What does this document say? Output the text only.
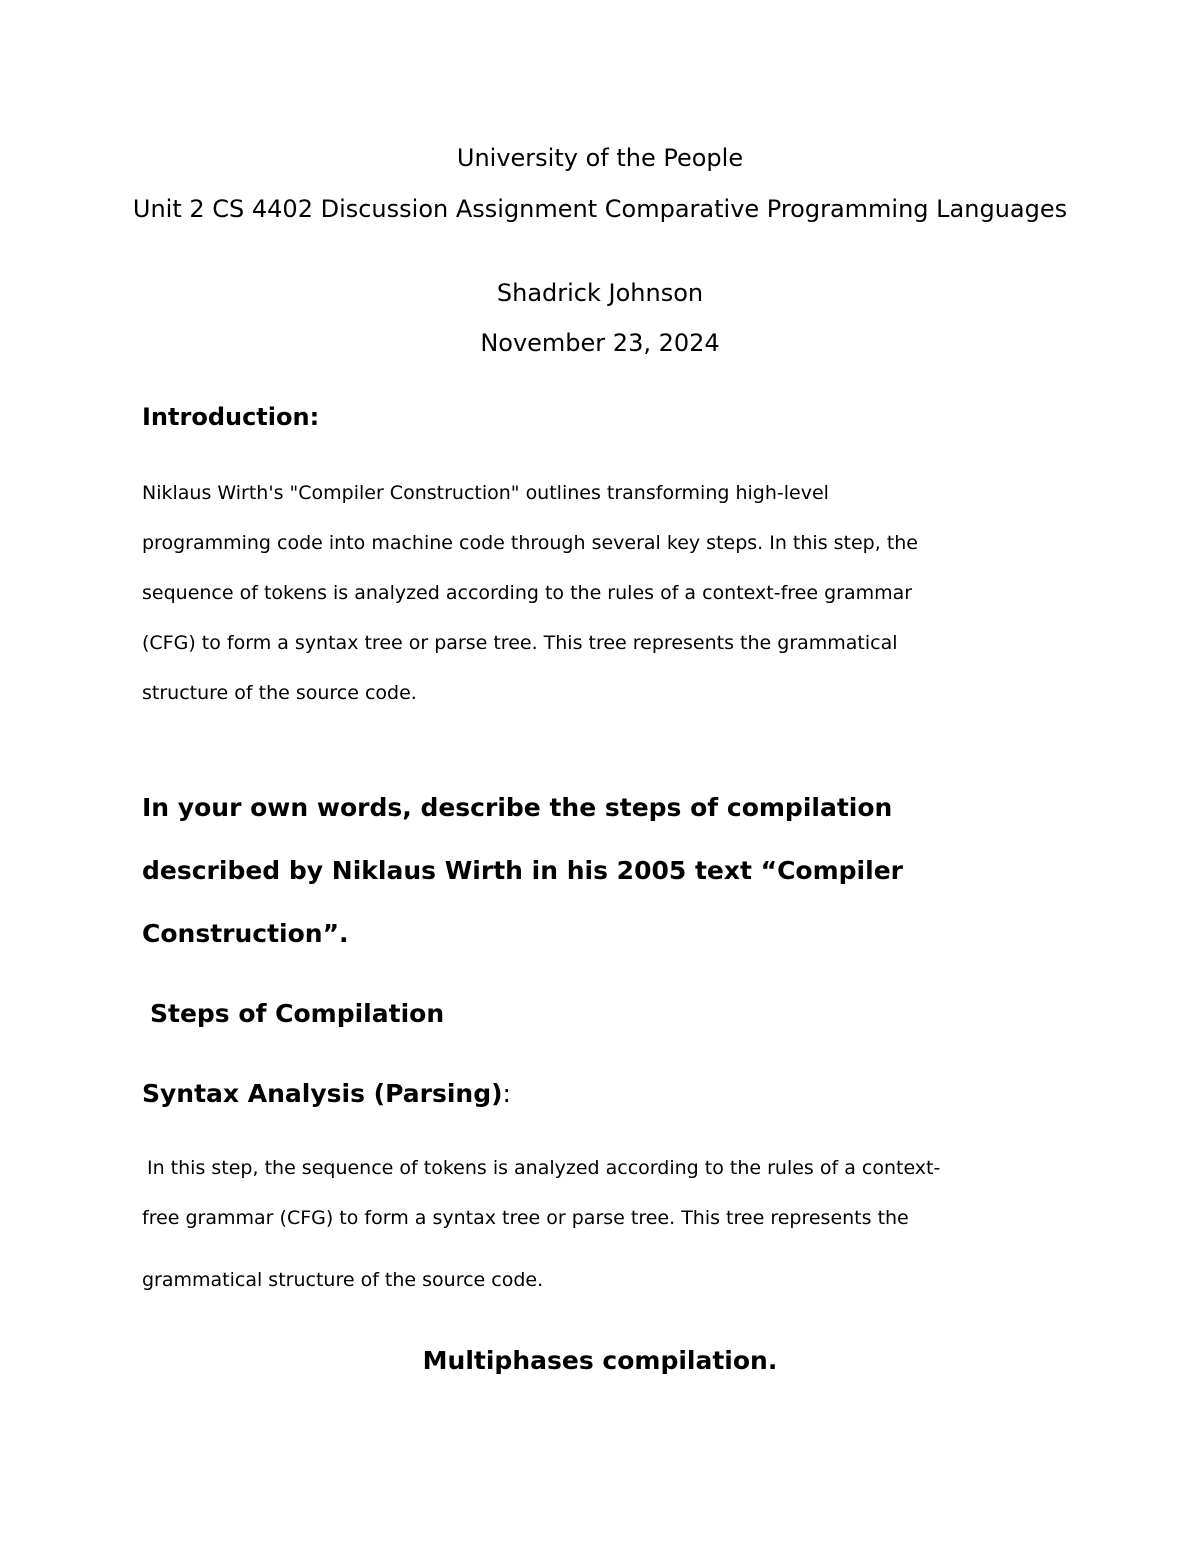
University of the People
Unit 2 CS 4402 Discussion Assignment Comparative Programming Languages
Shadrick Johnson
November 23, 2024
Introduction:
Niklaus Wirth's "Compiler Construction" outlines transforming high-level
programming code into machine code through several key steps. In this step, the
sequence of tokens is analyzed according to the rules of a context-free grammar
(CFG) to form a syntax tree or parse tree. This tree represents the grammatical
structure of the source code.
In your own words, describe the steps of compilation
described by Niklaus Wirth in his 2005 text “Compiler
Construction”.
Steps of Compilation
Syntax Analysis (Parsing):
In this step, the sequence of tokens is analyzed according to the rules of a context-
free grammar (CFG) to form a syntax tree or parse tree. This tree represents the
grammatical structure of the source code.
Multiphases compilation.
